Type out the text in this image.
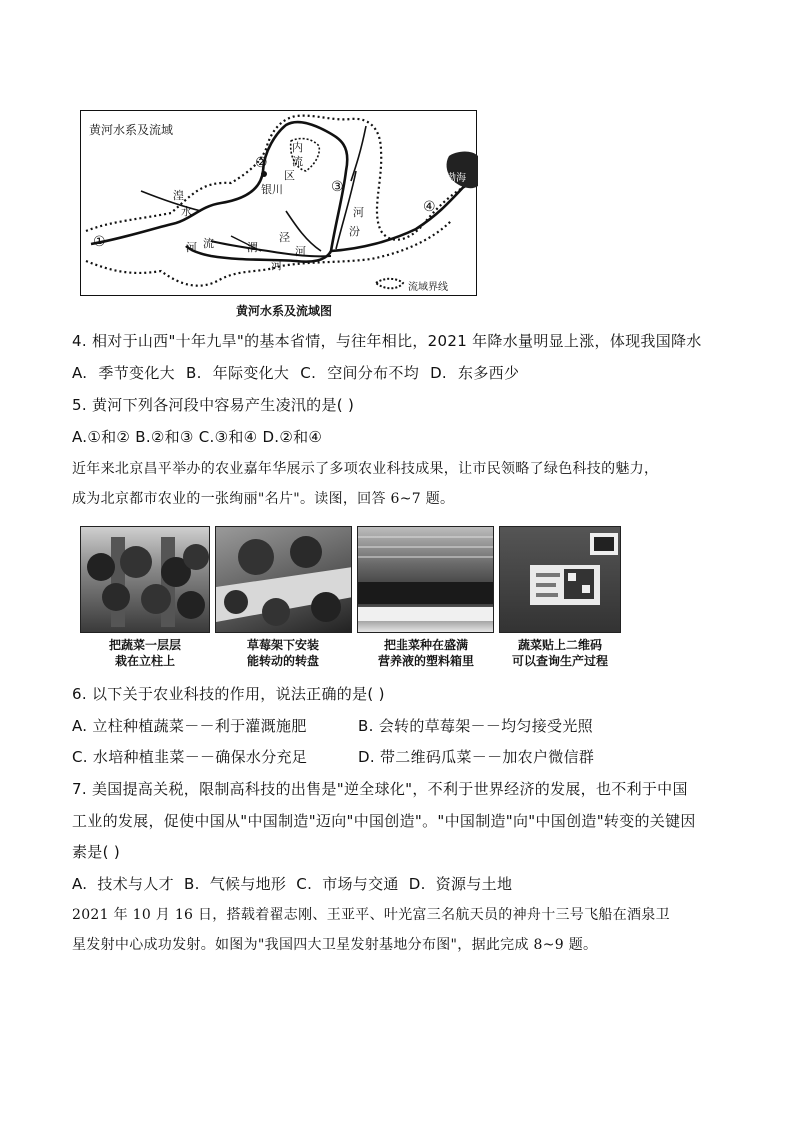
黄河水系及流域
①
②
③
④
内
流
区
银川
湟
水
河 流	渭
河
泾
河
河
汾
渤海
流域界线
黄河水系及流域图
4. 相对于山西"十年九旱"的基本省情，与往年相比，2021 年降水量明显上涨，体现我国降水
A. 季节变化大 B. 年际变化大 C. 空间分布不均 D. 东多西少
5. 黄河下列各河段中容易产生凌汛的是( )
A.①和② B.②和③ C.③和④ D.②和④
近年来北京昌平举办的农业嘉年华展示了多项农业科技成果，让市民领略了绿色科技的魅力，
成为北京都市农业的一张绚丽"名片"。读图，回答 6~7 题。
把蔬菜一层层
栽在立柱上
草莓架下安装
能转动的转盘
把韭菜种在盛满
营养液的塑料箱里
蔬菜贴上二维码
可以查询生产过程
6. 以下关于农业科技的作用，说法正确的是( )
A. 立柱种植蔬菜－－利于灌溉施肥	B. 会转的草莓架－－均匀接受光照
C. 水培种植韭菜－－确保水分充足	D. 带二维码瓜菜－－加农户微信群
7. 美国提高关税，限制高科技的出售是"逆全球化"，不利于世界经济的发展，也不利于中国
工业的发展，促使中国从"中国制造"迈向"中国创造"。"中国制造"向"中国创造"转变的关键因
素是( )
A. 技术与人才 B. 气候与地形 C. 市场与交通 D. 资源与土地
2021 年 10 月 16 日，搭载着翟志刚、王亚平、叶光富三名航天员的神舟十三号飞船在酒泉卫
星发射中心成功发射。如图为"我国四大卫星发射基地分布图"，据此完成 8~9 题。
